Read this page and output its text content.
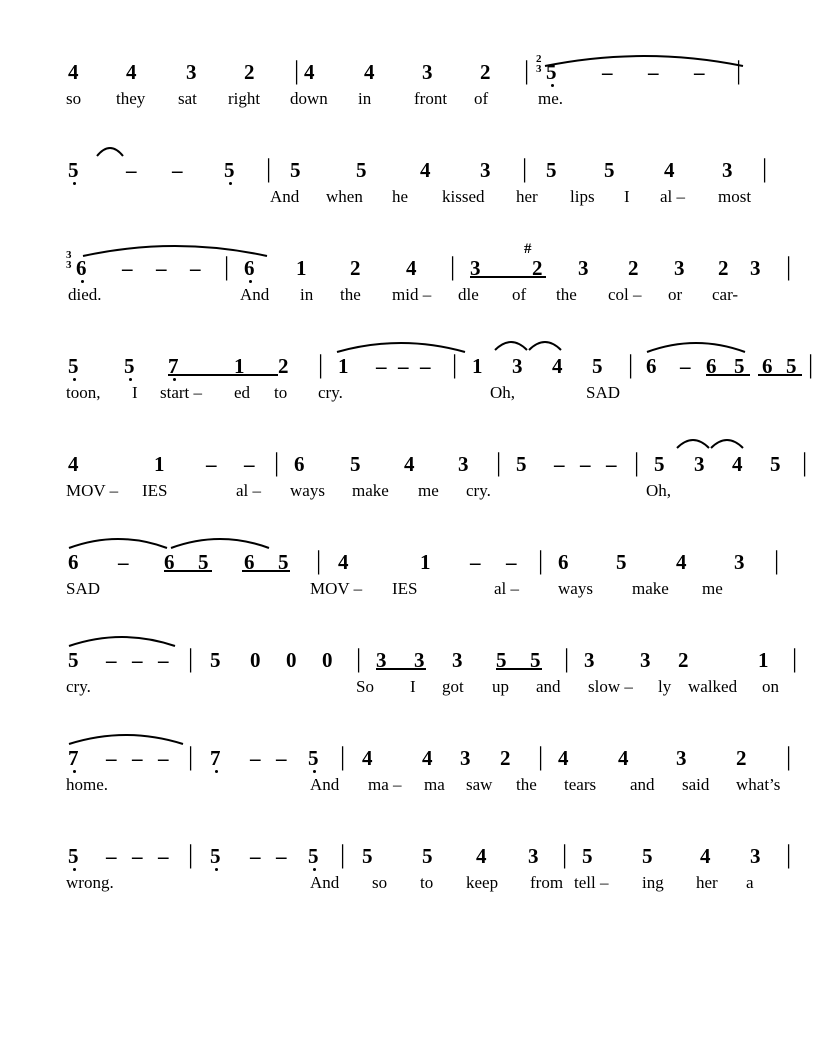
2
3
4 4 3 2 | 4 4 3 2 | 5 – – – |
so they sat right down in	front of	me.
5 – – 5 | 5	5	4 3 | 5 5 4 3 |
And when he kissed her lips I al – most
3
3
#
6 – – – | 6 1 2 4 | 3 2 3 2 3 2 3 |
died.	And in the mid – dle of the col – or car-
5 5 7	1 2 | 1 – – – | 1 3 4 5 | 6 – 6 5 6 5 |
toon, I start – ed to cry.	Oh,	SAD
4	1 – – | 6 5 4 3 | 5 – – – | 5 3 4 5 |
MOV – IES	al – ways make me cry.	Oh,
6 – 6 5 6 5 | 4	1 – – | 6 5 4 3 |
SAD	MOV – IES	al – ways make me
5 – – – | 5 0 0 0 | 3 3 3 5 5 | 3 3 2	1 |
cry.	So I got up and slow – ly walked on
7 – – – | 7 – – 5 | 4 4 3 2 | 4 4 3 2 |
home.	And ma – ma saw the tears and said what’s
5 – – – | 5 – – 5 | 5 5 4 3 | 5 5 4 3 |
wrong.	And so to keep from tell – ing her a
